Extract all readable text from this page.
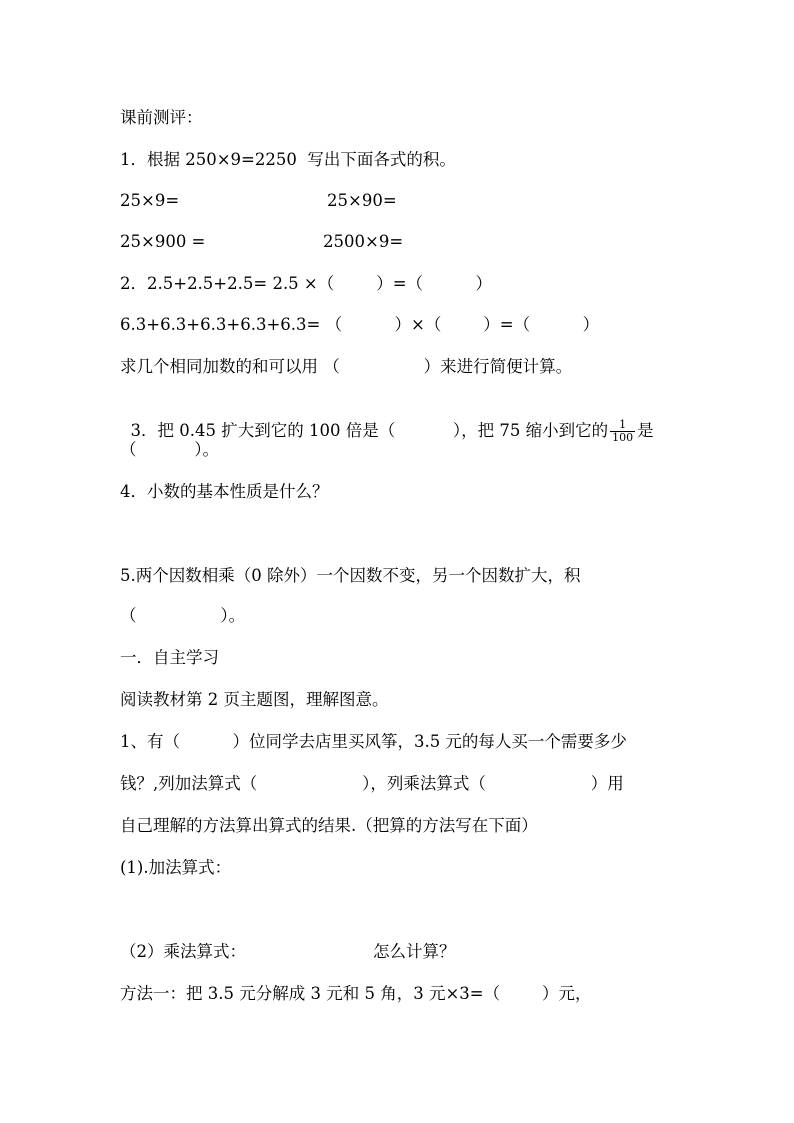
课前测评：
1．根据 250×9=2250  写出下面各式的积。
25×9=	25×90=
25×900 =	2500×9=
2．2.5+2.5+2.5= 2.5 ×（        ）=（          ）
6.3+6.3+6.3+6.3+6.3= （          ）×（        ）=（          ）
求几个相同加数的和可以用 （                ）来进行简便计算。

3．把 0.45 扩大到它的 100 倍是（           ），把 75 缩小到它的 $\frac{1}{100}$ 是

（           ）。
4．小数的基本性质是什么？
5.两个因数相乘（0 除外）一个因数不变，另一个因数扩大，积
（                ）。
一．自主学习
阅读教材第 2 页主题图，理解图意。
1、有（          ）位同学去店里买风筝，3.5 元的每人买一个需要多少
钱？,列加法算式（                    ），列乘法算式（                    ）用
自己理解的方法算出算式的结果.（把算的方法写在下面）
(1).加法算式：
（2）乘法算式：	怎么计算？
方法一：把 3.5 元分解成 3 元和 5 角，3 元×3=（        ）元，
